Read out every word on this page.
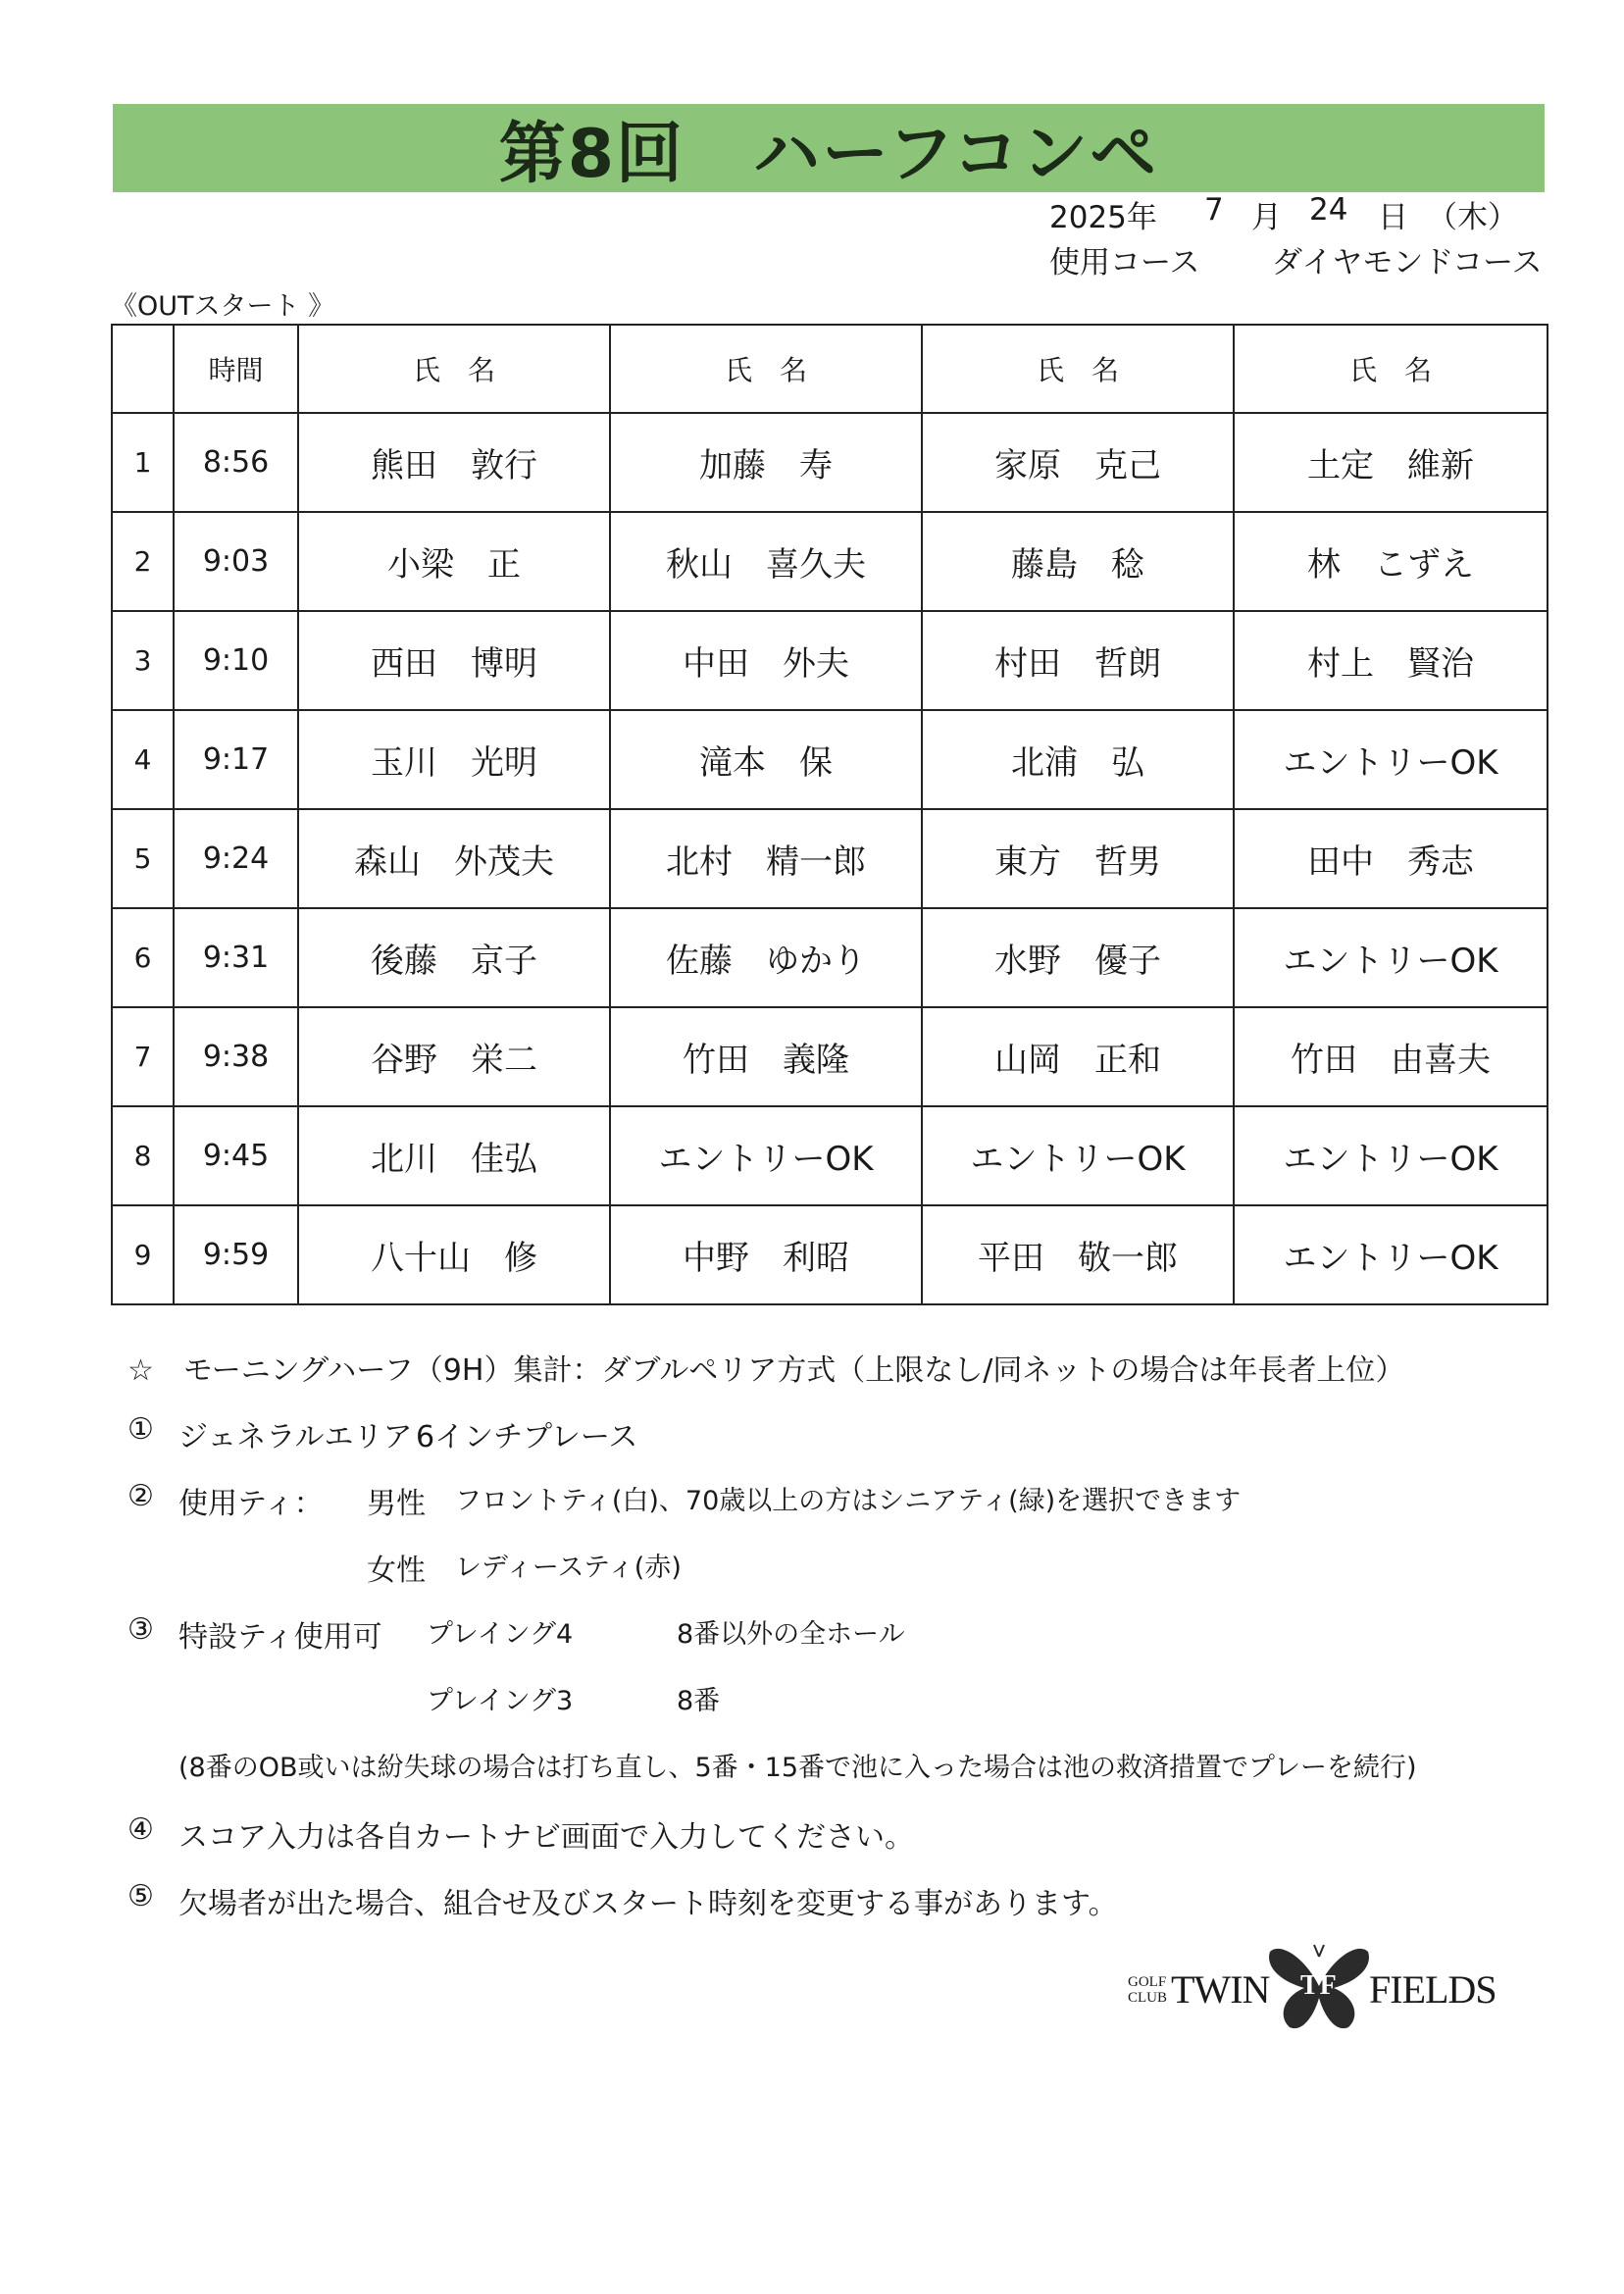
第8回　ハーフコンペ
2025年 7 月 24 日 （木）
使用コース ダイヤモンドコース
《OUTスタート 》
	時間	氏　名	氏　名	氏　名	氏　名
1	8:56	熊田　敦行	加藤　寿	家原　克己	土定　維新
2	9:03	小梁　正	秋山　喜久夫	藤島　稔	林　こずえ
3	9:10	西田　博明	中田　外夫	村田　哲朗	村上　賢治
4	9:17	玉川　光明	滝本　保	北浦　弘	エントリーOK
5	9:24	森山　外茂夫	北村　精一郎	東方　哲男	田中　秀志
6	9:31	後藤　京子	佐藤　ゆかり	水野　優子	エントリーOK
7	9:38	谷野　栄二	竹田　義隆	山岡　正和	竹田　由喜夫
8	9:45	北川　佳弘	エントリーOK	エントリーOK	エントリーOK
9	9:59	八十山　修	中野　利昭	平田　敬一郎	エントリーOK
☆　モーニングハーフ（9H）集計：ダブルペリア方式（上限なし/同ネットの場合は年長者上位）
① ジェネラルエリア 6インチプレース
② 使用ティ： 男性 フロントティ(白)、70歳以上の方はシニアティ(緑)を選択できます
女性 レディースティ(赤)
③ 特設ティ使用可 プレイング4	8番以外の全ホール
プレイング3	8番
(8番のOB或いは紛失球の場合は打ち直し、5番・15番で池に入った場合は池の救済措置でプレーを続行)
④ スコア入力は各自カートナビ画面で入力してください。
⑤ 欠場者が出た場合、組合せ及びスタート時刻を変更する事があります。
GOLF
CLUB TWIN TF FIELDS
